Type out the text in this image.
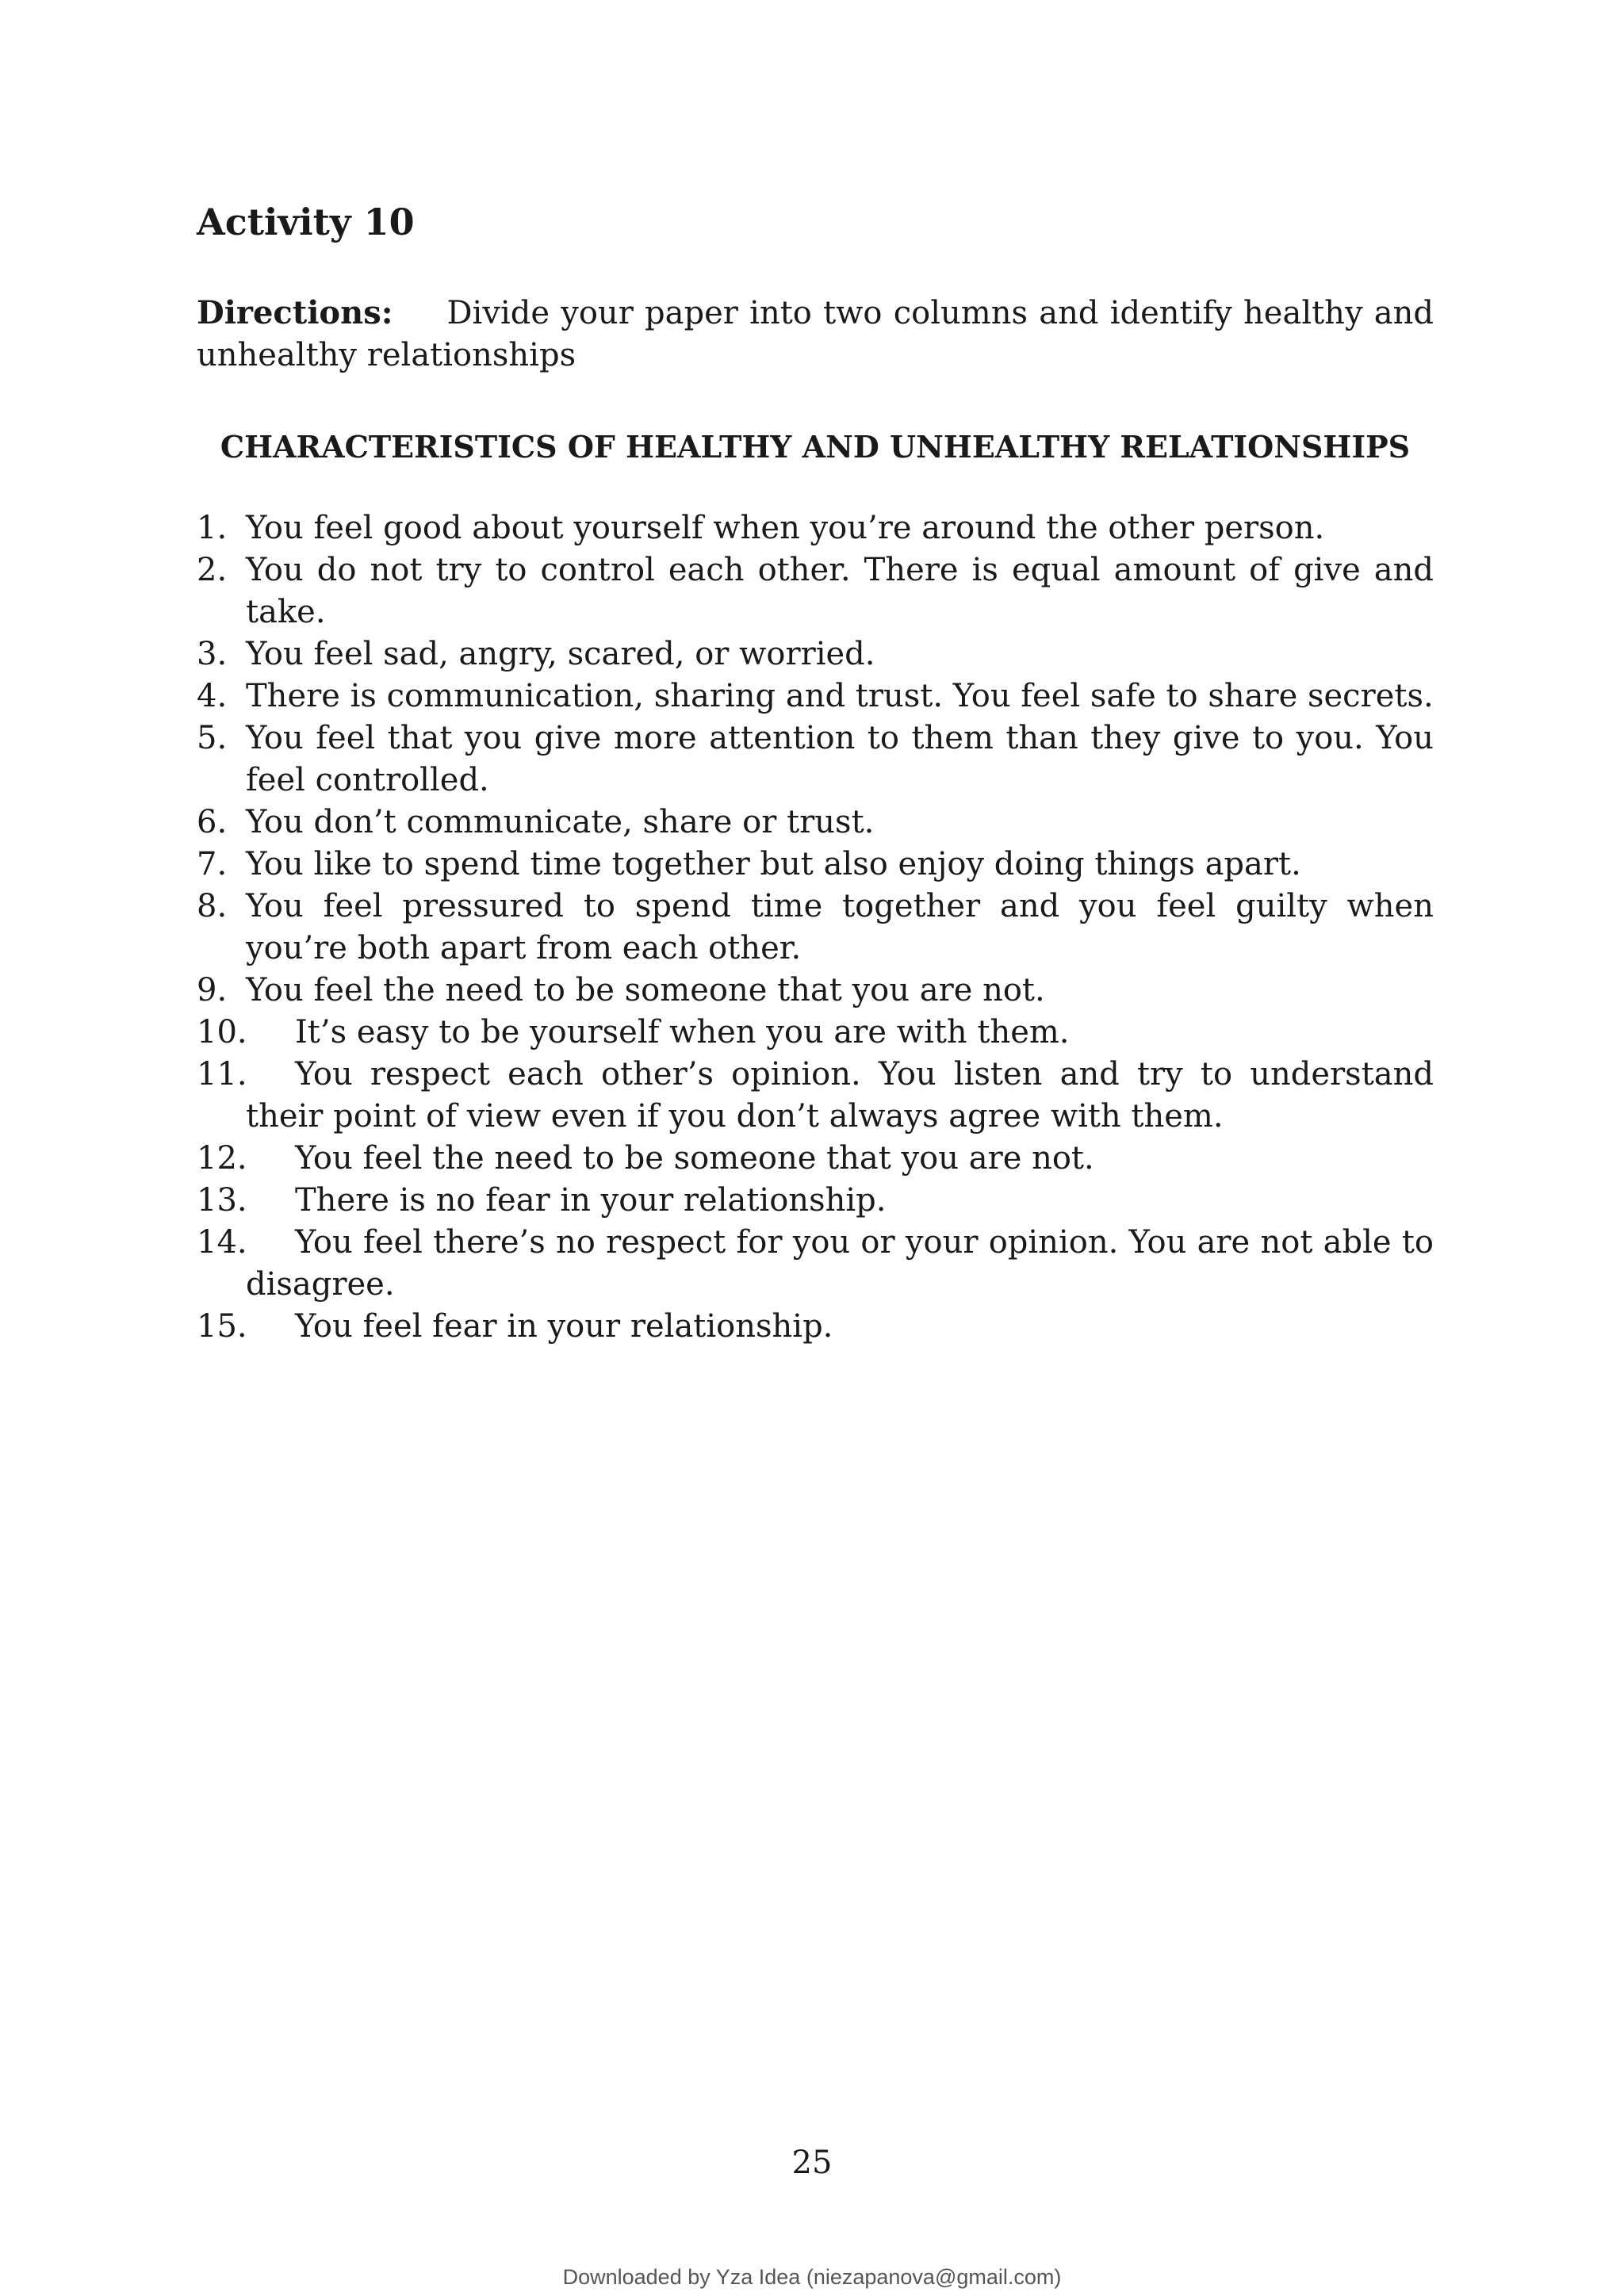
Activity 10

Directions: Divide your paper into two columns and identify healthy and unhealthy relationships

CHARACTERISTICS OF HEALTHY AND UNHEALTHY RELATIONSHIPS
1. You feel good about yourself when you’re around the other person.
2. You do not try to control each other. There is equal amount of give and take.
3. You feel sad, angry, scared, or worried.
4. There is communication, sharing and trust. You feel safe to share secrets.
5. You feel that you give more attention to them than they give to you. You feel controlled.
6. You don’t communicate, share or trust.
7. You like to spend time together but also enjoy doing things apart.
8. You feel pressured to spend time together and you feel guilty when you’re both apart from each other.
9. You feel the need to be someone that you are not.
10. It’s easy to be yourself when you are with them.
11. You respect each other’s opinion. You listen and try to understand their point of view even if you don’t always agree with them.
12. You feel the need to be someone that you are not.
13. There is no fear in your relationship.
14. You feel there’s no respect for you or your opinion. You are not able to disagree.
15. You feel fear in your relationship.
25
Downloaded by Yza Idea (niezapanova@gmail.com)
